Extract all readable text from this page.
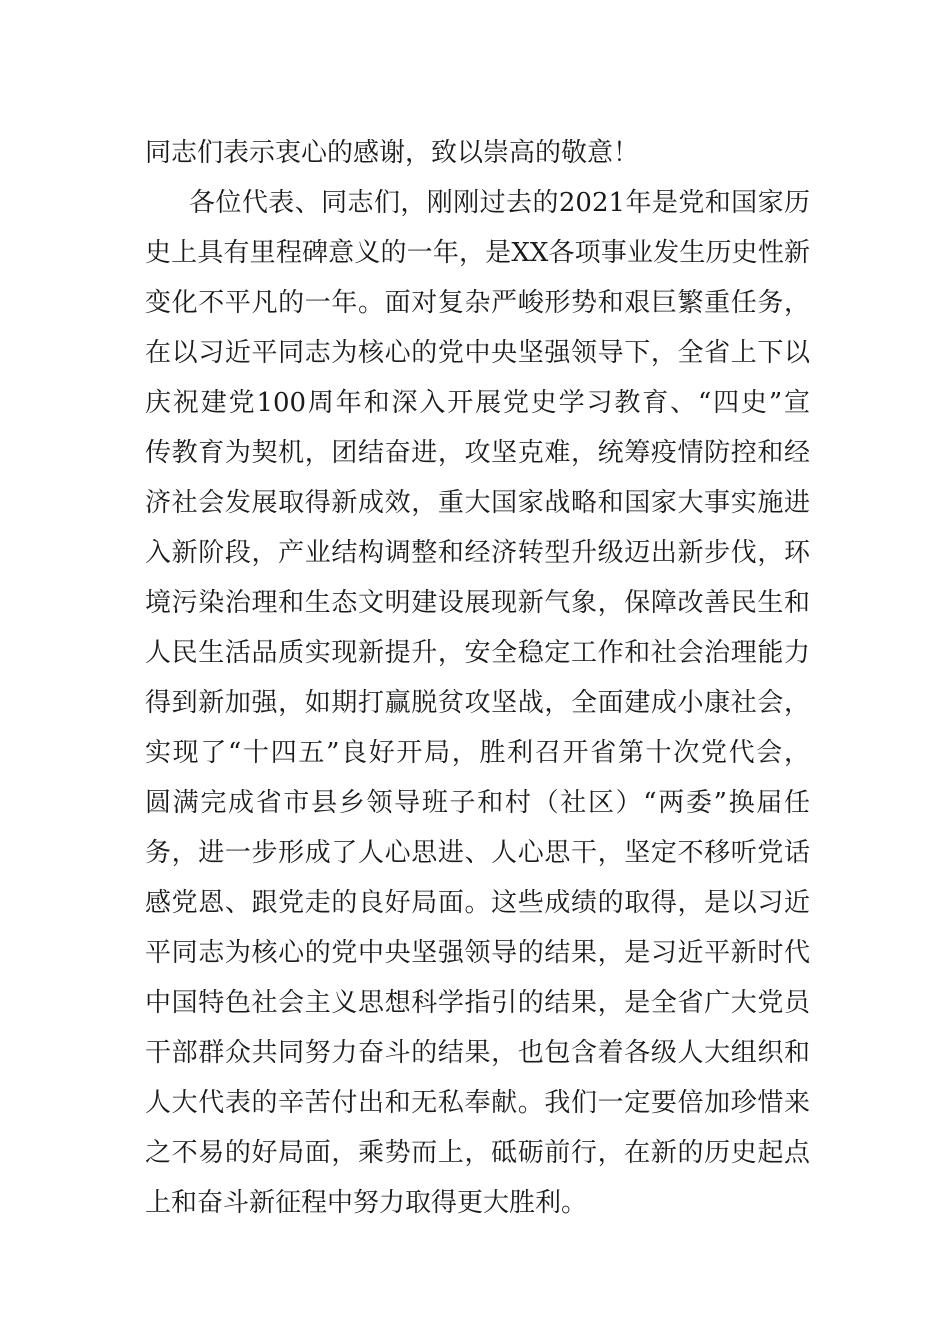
同志们表示衷心的感谢，致以崇高的敬意！
各位代表、同志们，刚刚过去的2021年是党和国家历
史上具有里程碑意义的一年，是XX各项事业发生历史性新
变化不平凡的一年。面对复杂严峻形势和艰巨繁重任务，
在以习近平同志为核心的党中央坚强领导下，全省上下以
庆祝建党100周年和深入开展党史学习教育、“四史”宣
传教育为契机，团结奋进，攻坚克难，统筹疫情防控和经
济社会发展取得新成效，重大国家战略和国家大事实施进
入新阶段，产业结构调整和经济转型升级迈出新步伐，环
境污染治理和生态文明建设展现新气象，保障改善民生和
人民生活品质实现新提升，安全稳定工作和社会治理能力
得到新加强，如期打赢脱贫攻坚战，全面建成小康社会，
实现了“十四五”良好开局，胜利召开省第十次党代会，
圆满完成省市县乡领导班子和村（社区）“两委”换届任
务，进一步形成了人心思进、人心思干，坚定不移听党话
感党恩、跟党走的良好局面。这些成绩的取得，是以习近
平同志为核心的党中央坚强领导的结果，是习近平新时代
中国特色社会主义思想科学指引的结果，是全省广大党员
干部群众共同努力奋斗的结果，也包含着各级人大组织和
人大代表的辛苦付出和无私奉献。我们一定要倍加珍惜来
之不易的好局面，乘势而上，砥砺前行，在新的历史起点
上和奋斗新征程中努力取得更大胜利。
